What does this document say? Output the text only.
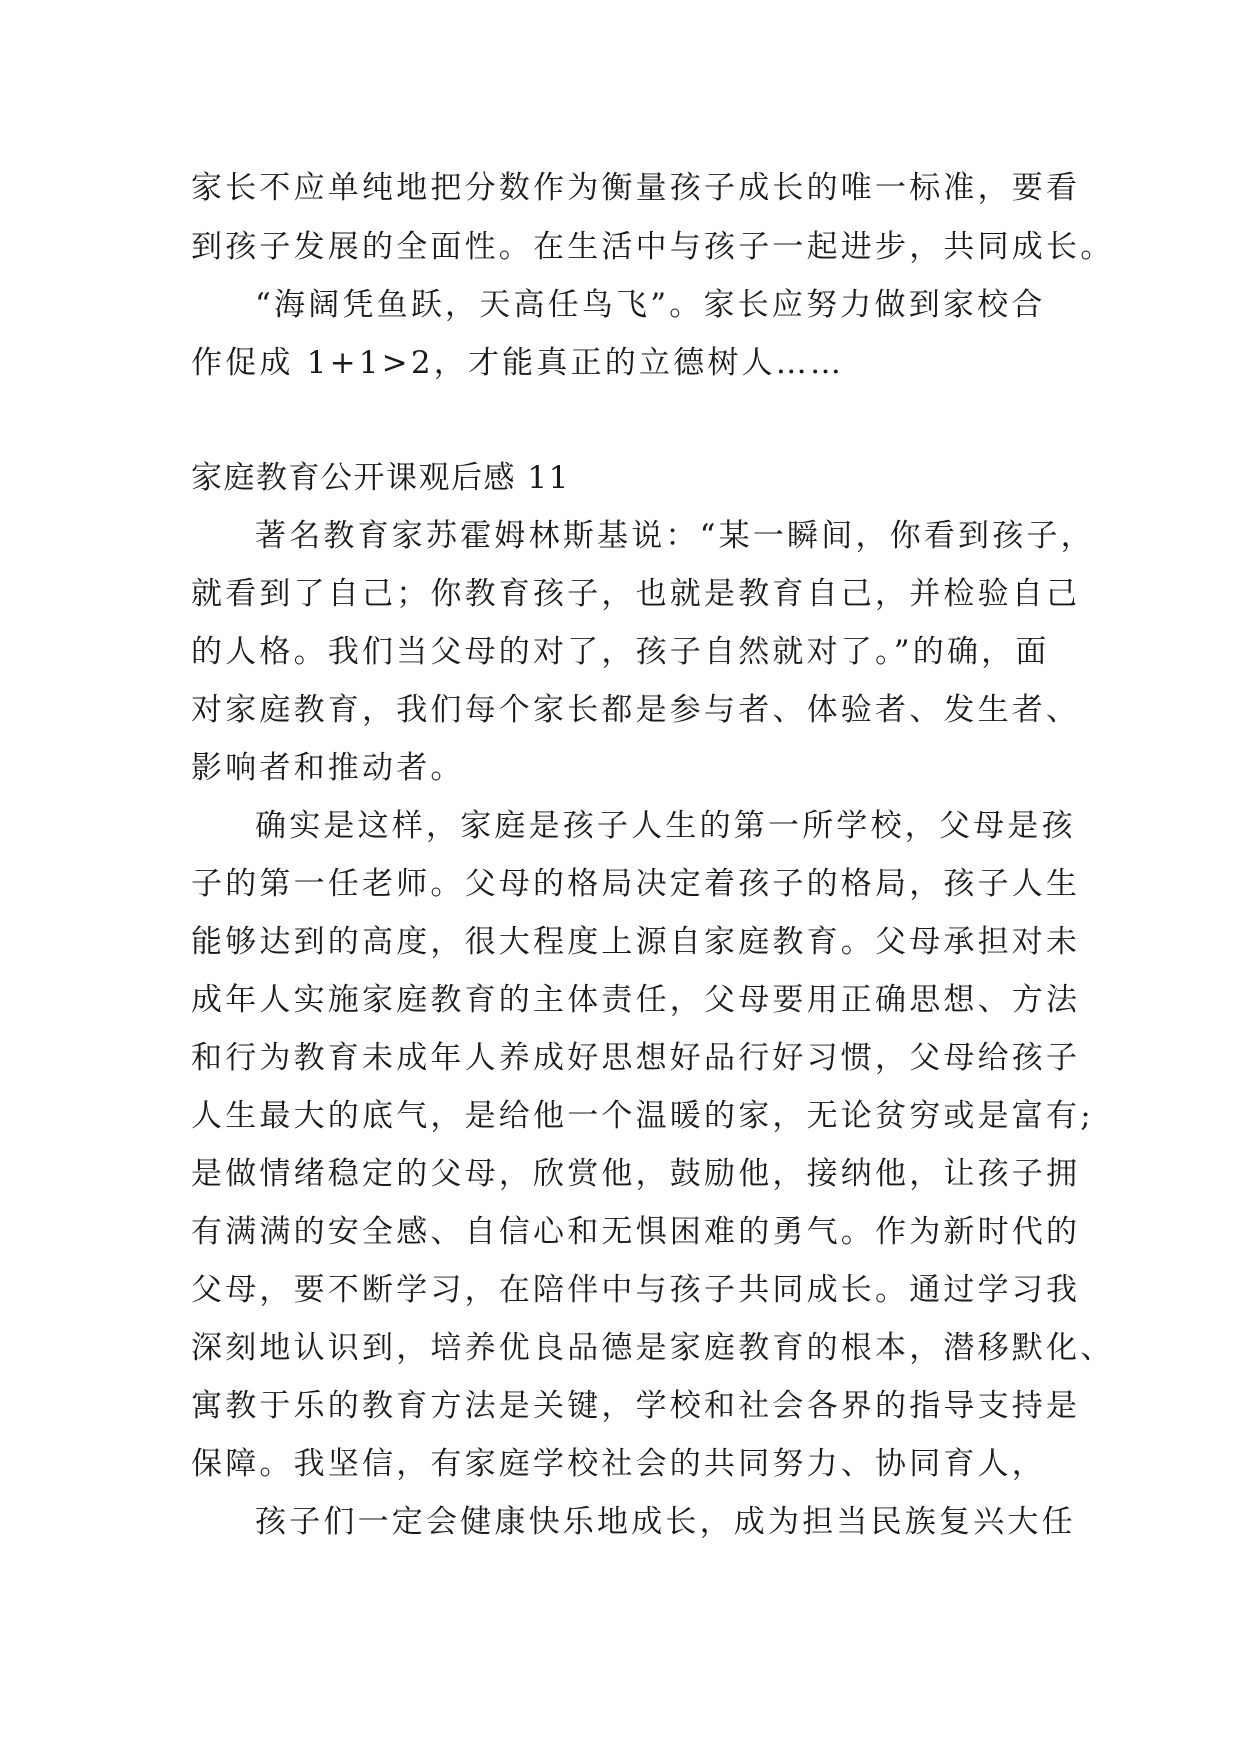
家长不应单纯地把分数作为衡量孩子成长的唯一标准，要看
到孩子发展的全面性。在生活中与孩子一起进步，共同成长。
“海阔凭鱼跃，天高任鸟飞”。家长应努力做到家校合
作促成 1+1>2，才能真正的立德树人……
家庭教育公开课观后感 11
著名教育家苏霍姆林斯基说：“某一瞬间，你看到孩子，
就看到了自己；你教育孩子，也就是教育自己，并检验自己
的人格。我们当父母的对了，孩子自然就对了。”的确，面
对家庭教育，我们每个家长都是参与者、体验者、发生者、
影响者和推动者。
确实是这样，家庭是孩子人生的第一所学校，父母是孩
子的第一任老师。父母的格局决定着孩子的格局，孩子人生
能够达到的高度，很大程度上源自家庭教育。父母承担对未
成年人实施家庭教育的主体责任，父母要用正确思想、方法
和行为教育未成年人养成好思想好品行好习惯，父母给孩子
人生最大的底气，是给他一个温暖的家，无论贫穷或是富有;
是做情绪稳定的父母，欣赏他，鼓励他，接纳他，让孩子拥
有满满的安全感、自信心和无惧困难的勇气。作为新时代的
父母，要不断学习，在陪伴中与孩子共同成长。通过学习我
深刻地认识到，培养优良品德是家庭教育的根本，潜移默化、
寓教于乐的教育方法是关键，学校和社会各界的指导支持是
保障。我坚信，有家庭学校社会的共同努力、协同育人，
孩子们一定会健康快乐地成长，成为担当民族复兴大任
